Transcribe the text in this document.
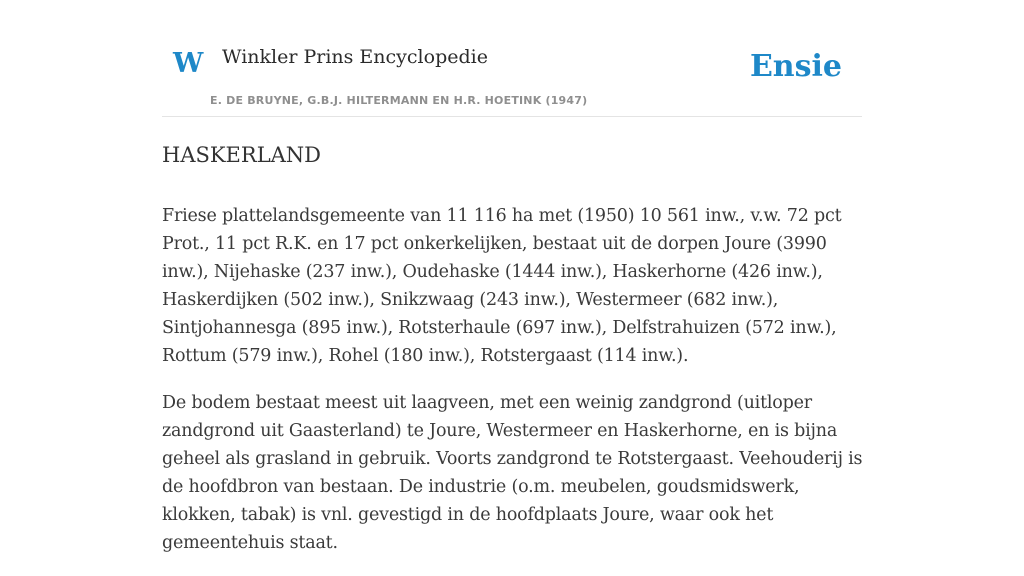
W Winkler Prins Encyclopedie
E. DE BRUYNE, G.B.J. HILTERMANN EN H.R. HOETINK (1947)
Ensie
HASKERLAND

Friese plattelandsgemeente van 11 116 ha met (1950) 10 561 inw., v.w. 72 pct Prot., 11 pct R.K. en 17 pct onkerkelijken, bestaat uit de dorpen Joure (3990 inw.), Nijehaske (237 inw.), Oudehaske (1444 inw.), Haskerhorne (426 inw.), Haskerdijken (502 inw.), Snikzwaag (243 inw.), Westermeer (682 inw.), Sintjohannesga (895 inw.), Rotsterhaule (697 inw.), Delfstrahuizen (572 inw.), Rottum (579 inw.), Rohel (180 inw.), Rotstergaast (114 inw.).

De bodem bestaat meest uit laagveen, met een weinig zandgrond (uitloper zandgrond uit Gaasterland) te Joure, Westermeer en Haskerhorne, en is bijna geheel als grasland in gebruik. Voorts zandgrond te Rotstergaast. Veehouderij is de hoofdbron van bestaan. De industrie (o.m. meubelen, goudsmidswerk, klokken, tabak) is vnl. gevestigd in de hoofdplaats Joure, waar ook het gemeentehuis staat.
